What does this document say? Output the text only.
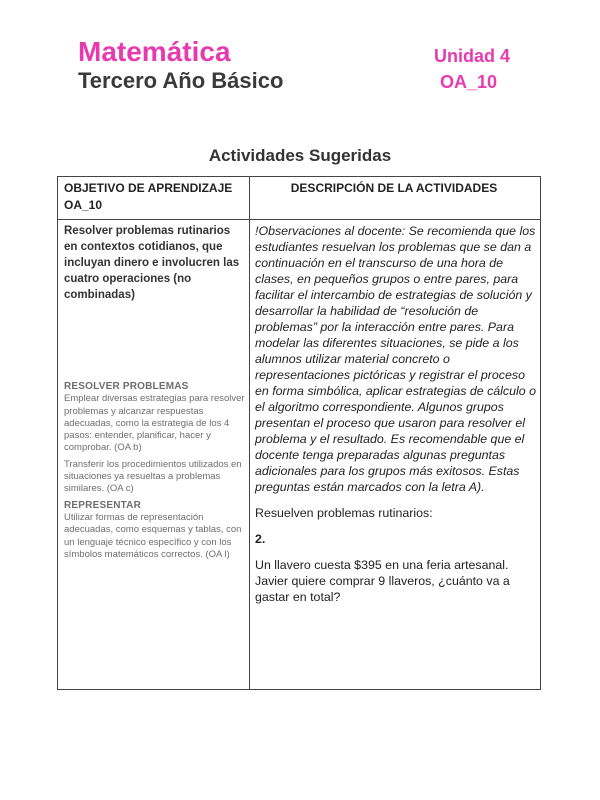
Matemática
Tercero Año Básico
Unidad 4
OA_10
Actividades Sugeridas
OBJETIVO DE APRENDIZAJE OA_10
DESCRIPCIÓN DE LA ACTIVIDADES
Resolver problemas rutinarios en contextos cotidianos, que incluyan dinero e involucren las cuatro operaciones (no combinadas)
RESOLVER PROBLEMAS

Emplear diversas estrategias para resolver problemas y alcanzar respuestas adecuadas, como la estrategia de los 4 pasos: entender, planificar, hacer y comprobar. (OA b)

Transferir los procedimientos utilizados en situaciones ya resueltas a problemas similares. (OA c)

REPRESENTAR

Utilizar formas de representación adecuadas, como esquemas y tablas, con un lenguaje técnico específico y con los símbolos matemáticos correctos. (OA l)

!Observaciones al docente: Se recomienda que los estudiantes resuelvan los problemas que se dan a continuación en el transcurso de una hora de clases, en pequeños grupos o entre pares, para facilitar el intercambio de estrategias de solución y desarrollar la habilidad de “resolución de problemas” por la interacción entre pares. Para modelar las diferentes situaciones, se pide a los alumnos utilizar material concreto o representaciones pictóricas y registrar el proceso en forma simbólica, aplicar estrategias de cálculo o el algoritmo correspondiente. Algunos grupos presentan el proceso que usaron para resolver el problema y el resultado. Es recomendable que el docente tenga preparadas algunas preguntas adicionales para los grupos más exitosos. Estas preguntas están marcados con la letra A).

Resuelven problemas rutinarios:

2.

Un llavero cuesta $395 en una feria artesanal. Javier quiere comprar 9 llaveros, ¿cuánto va a gastar en total?
